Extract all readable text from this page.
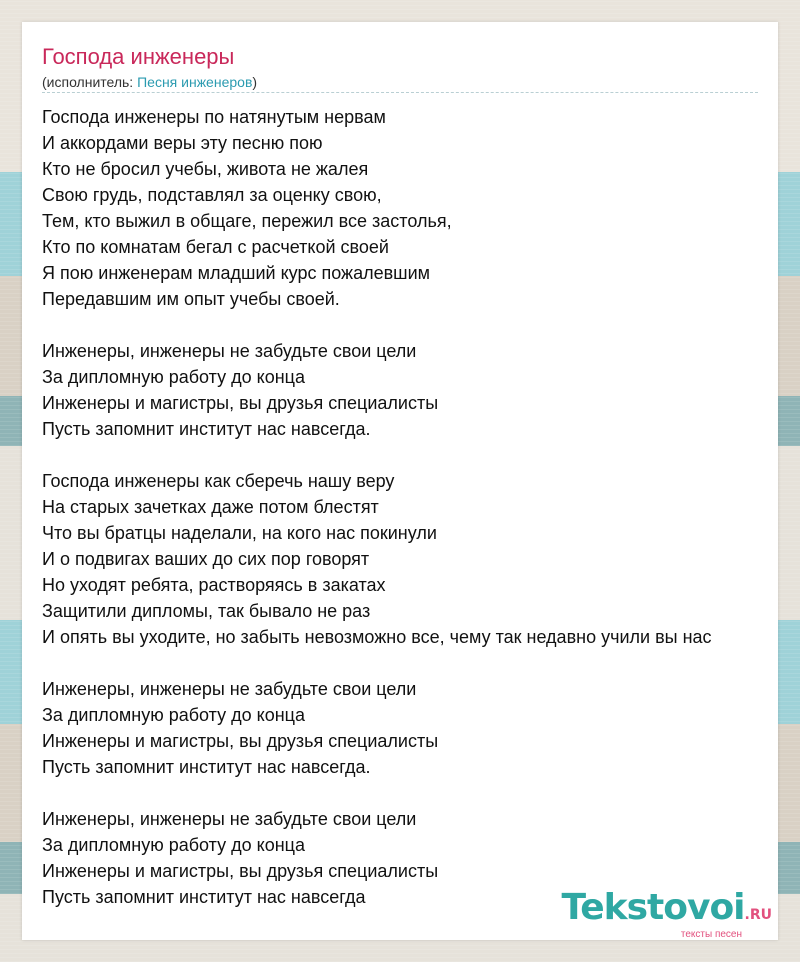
Господа инженеры
(исполнитель: Песня инженеров)
Господа инженеры по натянутым нервам
И аккордами веры эту песню пою
Кто не бросил учебы, живота не жалея
Свою грудь, подставлял за оценку свою,
Тем, кто выжил в общаге, пережил все застолья,
Кто по комнатам бегал с расчеткой своей
Я пою инженерам младший курс пожалевшим
Передавшим им опыт учебы своей.
Инженеры, инженеры не забудьте свои цели
За дипломную работу до конца
Инженеры и магистры, вы друзья специалисты
Пусть запомнит институт нас навсегда.
Господа инженеры как сберечь нашу веру
На старых зачетках даже потом блестят
Что вы братцы наделали, на кого нас покинули
И о подвигах ваших до сих пор говорят
Но уходят ребята, растворяясь в закатах
Защитили дипломы, так бывало не раз
И опять вы уходите, но забыть невозможно все, чему так недавно учили вы нас
Инженеры, инженеры не забудьте свои цели
За дипломную работу до конца
Инженеры и магистры, вы друзья специалисты
Пусть запомнит институт нас навсегда.
Инженеры, инженеры не забудьте свои цели
За дипломную работу до конца
Инженеры и магистры, вы друзья специалисты
Пусть запомнит институт нас навсегда	Tekstovoi.RU
тексты песен
